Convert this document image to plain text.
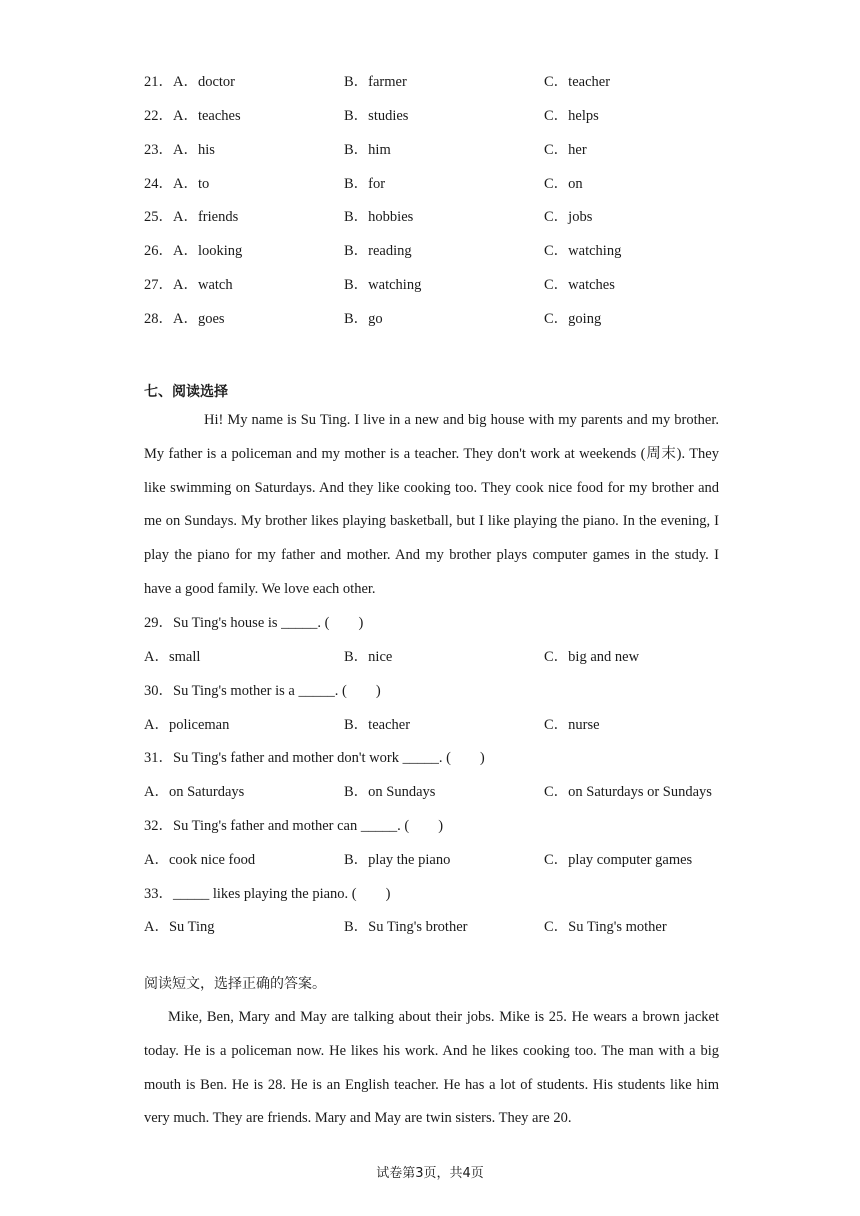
21．A．doctor	B．farmer	C．teacher
22．A．teaches	B．studies	C．helps
23．A．his	B．him	C．her
24．A．to	B．for	C．on
25．A．friends	B．hobbies	C．jobs
26．A．looking	B．reading	C．watching
27．A．watch	B．watching	C．watches
28．A．goes	B．go	C．going
七、阅读选择
Hi! My name is Su Ting. I live in a new and big house with my parents and my brother. My father is a policeman and my mother is a teacher. They don't work at weekends (周末). They like swimming on Saturdays. And they like cooking too. They cook nice food for my brother and me on Sundays. My brother likes playing basketball, but I like playing the piano. In the evening, I play the piano for my father and mother. And my brother plays computer games in the study. I have a good family. We love each other.
29．Su Ting's house is _____. (　　)
A．small	B．nice	C．big and new
30．Su Ting's mother is a _____. (　　)
A．policeman	B．teacher	C．nurse
31．Su Ting's father and mother don't work _____. (　　)
A．on Saturdays	B．on Sundays	C．on Saturdays or Sundays
32．Su Ting's father and mother can _____. (　　)
A．cook nice food	B．play the piano	C．play computer games
33．_____ likes playing the piano. (　　)
A．Su Ting	B．Su Ting's brother	C．Su Ting's mother
阅读短文，选择正确的答案。
Mike, Ben, Mary and May are talking about their jobs. Mike is 25. He wears a brown jacket today. He is a policeman now. He likes his work. And he likes cooking too. The man with a big mouth is Ben. He is 28. He is an English teacher. He has a lot of students. His students like him very much. They are friends. Mary and May are twin sisters. They are 20.
试卷第3页，共4页
